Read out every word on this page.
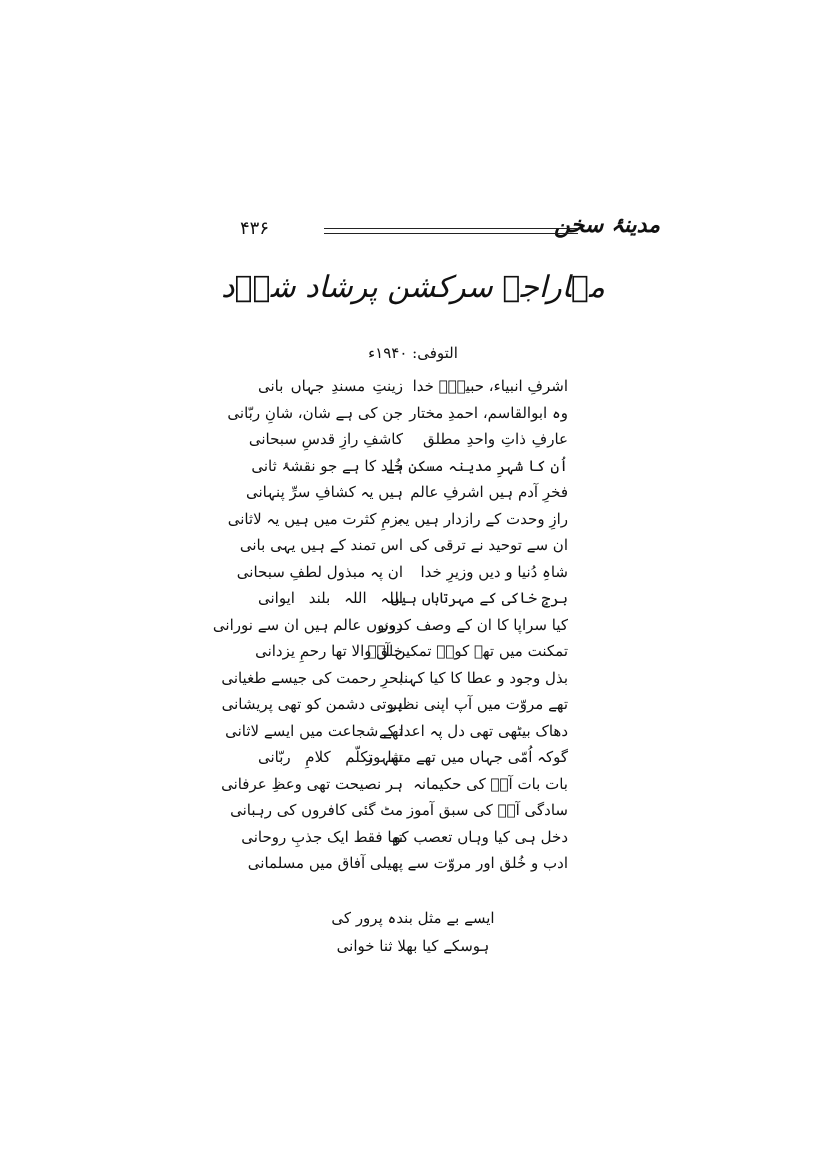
مدینۂ سخن
۴۳۶
مہاراجہ سرکشن پرشاد شاؔد
التوفی: ۱۹۴۰ء
اشرفِ انبیاء، حبیبِؐ خدا
زینتِ مسندِ جہاں بانی
وہ ابوالقاسم، احمدِ مختار
جن کی ہے شان، شانِ ربّانی
عارفِ ذاتِ واحدِ مطلق
کاشفِ رازِ قدسِ سبحانی
اُن کا شہرِ مدینہ مسکن ہے
خُلد کا ہے جو نقشۂ ثانی
فخرِ آدم ہیں اشرفِ عالم
ہیں یہ کشافِ سرِّ پنہانی
رازِ وحدت کے رازدار ہیں یہ
بزمِ کثرت میں ہیں یہ لاثانی
ان سے توحید نے ترقی کی
اس تمند کے ہیں یہی بانی
شاہِ دُنیا و دیں وزیرِ خدا
ان پہ مبذول لطفِ سبحانی
برجِ خاکی کے مہرتاباں ہیں
اللہ اللہ بلند ایوانی
کیا سراپا کا ان کے وصف کروں
دونوں عالم ہیں ان سے نورانی
تمکنت میں تھے کوہِ تمکیں آپؐ
خلق والا تھا رحمِ یزدانی
بذل وجود و عطا کا کیا کہنا
بحرِ رحمت کی جیسے طغیانی
تھے مروّت میں آپ اپنی نظیر
ہوتی دشمن کو تھی پریشانی
دھاک بیٹھی تھی دل پہ اعدا کے
تھے شجاعت میں ایسے لاثانی
گوکہ اُمّی جہاں میں تھے مشہور
تھا تکلّم کلامِ ربّانی
بات بات آپؐ کی حکیمانہ
ہر نصیحت تھی وعظِ عرفانی
سادگی آپؐ کی سبق آموز
مٹ گئی کافروں کی رہبانی
دخل ہی کیا وہاں تعصب کو
تھا فقط ایک جذبِ روحانی
ادب و خُلق اور مروّت سے
پھیلی آفاق میں مسلمانی
ایسے بے مثل بندہ پرور کی
ہوسکے کیا بھلا ثنا خوانی
